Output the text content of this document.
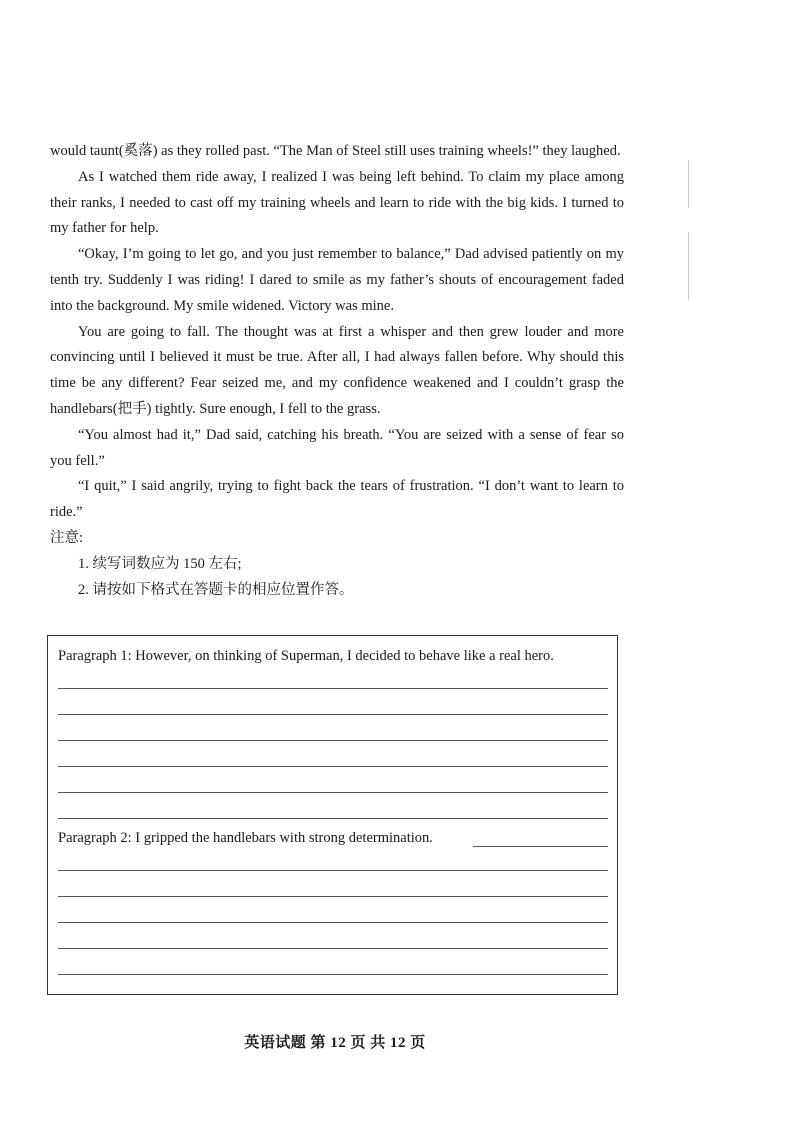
would taunt(奚落) as they rolled past. “The Man of Steel still uses training wheels!” they laughed.

As I watched them ride away, I realized I was being left behind. To claim my place among their ranks, I needed to cast off my training wheels and learn to ride with the big kids. I turned to my father for help.

“Okay, I’m going to let go, and you just remember to balance,” Dad advised patiently on my tenth try. Suddenly I was riding! I dared to smile as my father’s shouts of encouragement faded into the background. My smile widened. Victory was mine.

You are going to fall. The thought was at first a whisper and then grew louder and more convincing until I believed it must be true. After all, I had always fallen before. Why should this time be any different? Fear seized me, and my confidence weakened and I couldn’t grasp the handlebars(把手) tightly. Sure enough, I fell to the grass.

“You almost had it,” Dad said, catching his breath. “You are seized with a sense of fear so you fell.”

“I quit,” I said angrily, trying to fight back the tears of frustration. “I don’t want to learn to ride.”

注意:

1. 续写词数应为 150 左右;

2. 请按如下格式在答题卡的相应位置作答。

Paragraph 1: However, on thinking of Superman, I decided to behave like a real hero.
Paragraph 2: I gripped the handlebars with strong determination.
英语试题 第 12 页 共 12 页
